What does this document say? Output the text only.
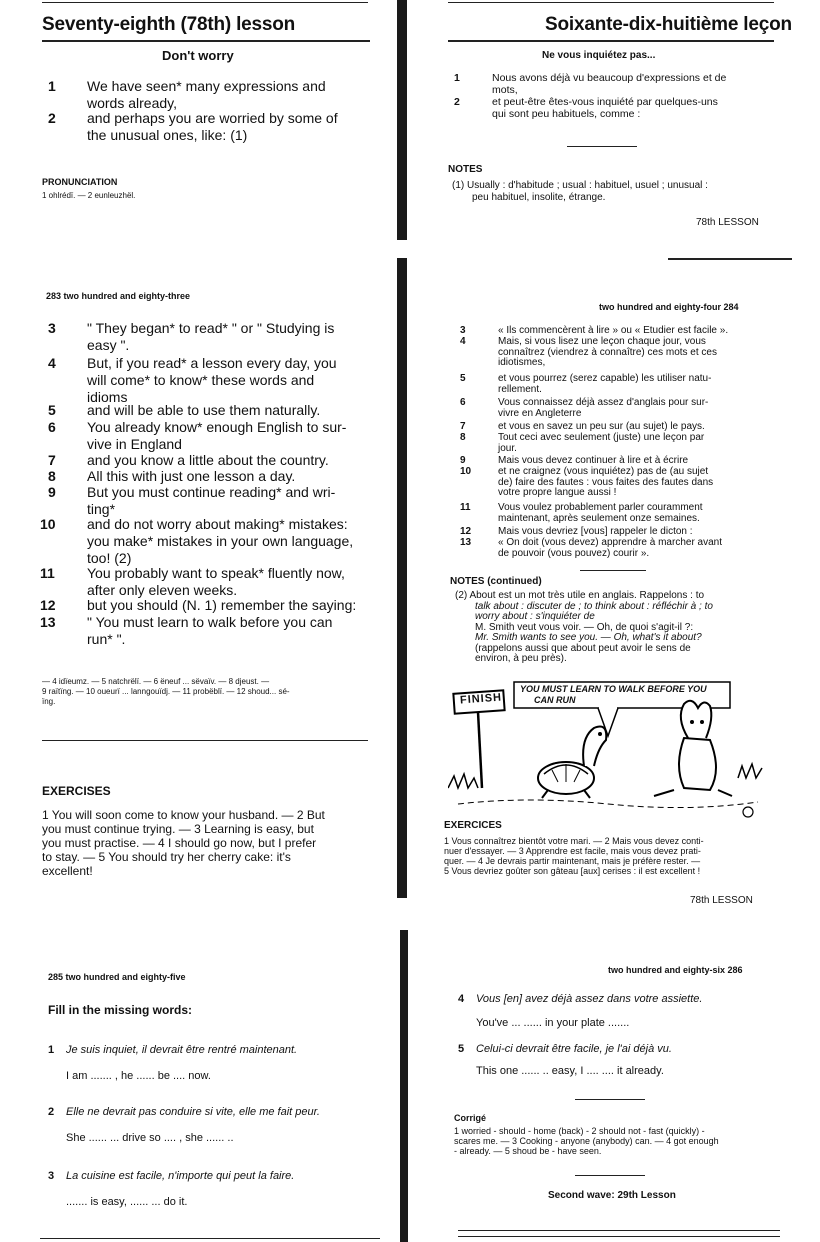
Seventy-eighth (78th) lesson
Don't worry
1 We have seen* many expressions and
words already,
2 and perhaps you are worried by some of
the unusual ones, like: (1)
PRONUNCIATION
1 ohlrédï. — 2 eunleuzhël.
Soixante-dix-huitième leçon
Ne vous inquiétez pas...
1	Nous avons déjà vu beaucoup d'expressions et de
mots,
2	et peut-être êtes-vous inquiété par quelques-uns
qui sont peu habituels, comme :
NOTES
(1) Usually : d'habitude ; usual : habituel, usuel ; unusual :
peu habituel, insolite, étrange.
78th LESSON
283 two hundred and eighty-three
two hundred and eighty-four 284
3 " They began* to read* " or " Studying is
easy ".
4 But, if you read* a lesson every day, you
will come* to know* these words and
idioms
5 and will be able to use them naturally.
6 You already know* enough English to sur-
vive in England
7 and you know a little about the country.
8 All this with just one lesson a day.
9 But you must continue reading* and wri-
ting*
10 and do not worry about making* mistakes:
you make* mistakes in your own language,
too! (2)
11 You probably want to speak* fluently now,
after only eleven weeks.
12 but you should (N. 1) remember the saying:
13 " You must learn to walk before you can
run* ".
— 4 idïeumz. — 5 natchrëlï. — 6 ëneuf ... sëvaïv. — 8 djeust. —
9 raïtïng. — 10 oueurï ... lanngouïdj. — 11 probëblï. — 12 shoud... sé-
ïng.
EXERCISES
1 You will soon come to know your husband. — 2 But
you must continue trying. — 3 Learning is easy, but
you must practise. — 4 I should go now, but I prefer
to stay. — 5 You should try her cherry cake: it's
excellent!
3	« Ils commencèrent à lire » ou « Etudier est facile ».
4	Mais, si vous lisez une leçon chaque jour, vous
connaîtrez (viendrez à connaître) ces mots et ces
idiotismes,
5	et vous pourrez (serez capable) les utiliser natu-
rellement.
6	Vous connaissez déjà assez d'anglais pour sur-
vivre en Angleterre
7	et vous en savez un peu sur (au sujet) le pays.
8	Tout ceci avec seulement (juste) une leçon par
jour.
9	Mais vous devez continuer à lire et à écrire
10	et ne craignez (vous inquiétez) pas de (au sujet
de) faire des fautes : vous faites des fautes dans
votre propre langue aussi !
11	Vous voulez probablement parler couramment
maintenant, après seulement onze semaines.
12	Mais vous devriez [vous] rappeler le dicton :
13	« On doit (vous devez) apprendre à marcher avant
de pouvoir (vous pouvez) courir ».
NOTES (continued)
(2) About est un mot très utile en anglais. Rappelons : to
talk about : discuter de ; to think about : réfléchir à ; to
worry about : s'inquiéter de
M. Smith veut vous voir. — Oh, de quoi s'agit-il ?:
Mr. Smith wants to see you. — Oh, what's it about?
(rappelons aussi que about peut avoir le sens de
environ, à peu près).
FINISH
YOU MUST LEARN TO WALK BEFORE YOU
CAN RUN
EXERCICES
1 Vous connaîtrez bientôt votre mari. — 2 Mais vous devez conti-
nuer d'essayer. — 3 Apprendre est facile, mais vous devez prati-
quer. — 4 Je devrais partir maintenant, mais je préfère rester. —
5 Vous devriez goûter son gâteau [aux] cerises : il est excellent !
78th LESSON
285 two hundred and eighty-five
two hundred and eighty-six 286
Fill in the missing words:
1 Je suis inquiet, il devrait être rentré maintenant.
I am ....... , he ...... be .... now.
2 Elle ne devrait pas conduire si vite, elle me fait peur.
She ...... ... drive so .... , she ...... ..
3 La cuisine est facile, n'importe qui peut la faire.
....... is easy, ...... ... do it.
4 Vous [en] avez déjà assez dans votre assiette.
You've ... ...... in your plate .......
5 Celui-ci devrait être facile, je l'ai déjà vu.
This one ...... .. easy, I .... .... it already.
Corrigé
1 worried - should - home (back) - 2 should not - fast (quickly) -
scares me. — 3 Cooking - anyone (anybody) can. — 4 got enough
- already. — 5 shoud be - have seen.
Second wave: 29th Lesson
